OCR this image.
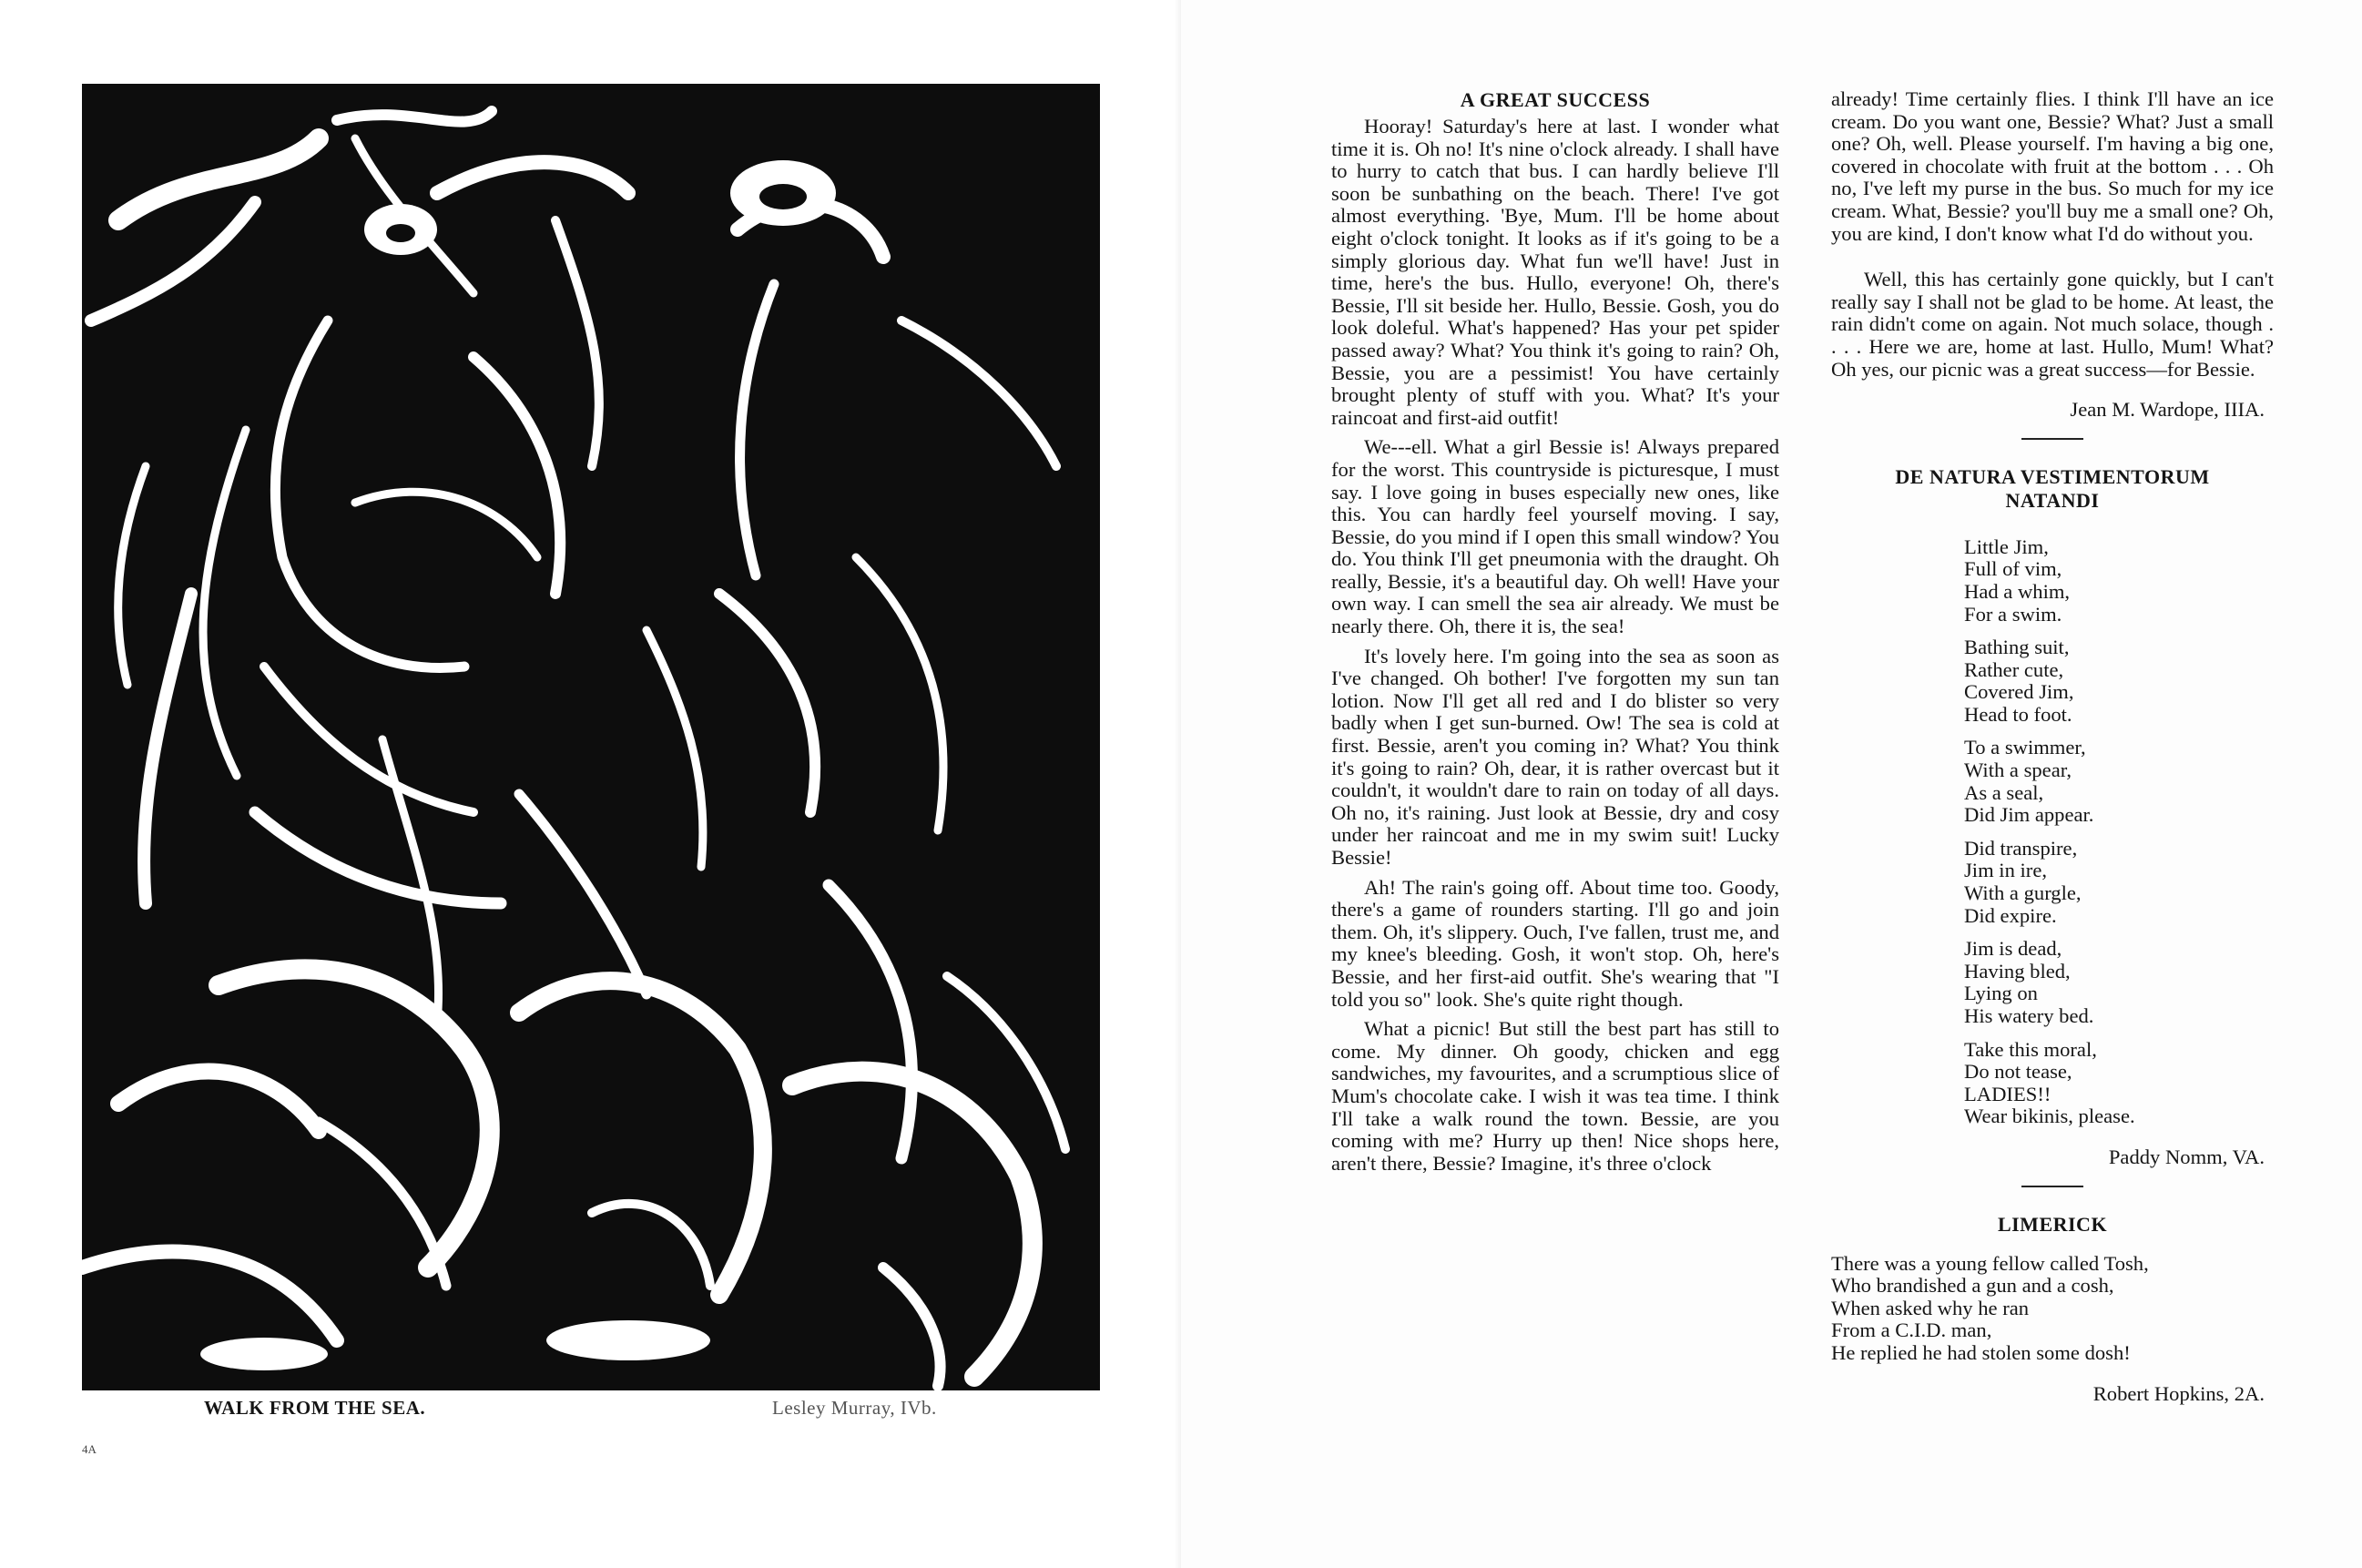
WALK FROM THE SEA.	Lesley Murray, IVb.
4A
A GREAT SUCCESS

Hooray! Saturday's here at last. I wonder what time it is. Oh no! It's nine o'clock already. I shall have to hurry to catch that bus. I can hardly believe I'll soon be sunbathing on the beach. There! I've got almost everything. 'Bye, Mum. I'll be home about eight o'clock tonight. It looks as if it's going to be a simply glorious day. What fun we'll have! Just in time, here's the bus. Hullo, everyone! Oh, there's Bessie, I'll sit beside her. Hullo, Bessie. Gosh, you do look doleful. What's happened? Has your pet spider passed away? What? You think it's going to rain? Oh, Bessie, you are a pessimist! You have certainly brought plenty of stuff with you. What? It's your raincoat and first-aid outfit!

We---ell. What a girl Bessie is! Always prepared for the worst. This countryside is picturesque, I must say. I love going in buses especially new ones, like this. You can hardly feel yourself moving. I say, Bessie, do you mind if I open this small window? You do. You think I'll get pneumonia with the draught. Oh really, Bessie, it's a beautiful day. Oh well! Have your own way. I can smell the sea air already. We must be nearly there. Oh, there it is, the sea!

It's lovely here. I'm going into the sea as soon as I've changed. Oh bother! I've forgotten my sun tan lotion. Now I'll get all red and I do blister so very badly when I get sun-burned. Ow! The sea is cold at first. Bessie, aren't you coming in? What? You think it's going to rain? Oh, dear, it is rather overcast but it couldn't, it wouldn't dare to rain on today of all days. Oh no, it's raining. Just look at Bessie, dry and cosy under her raincoat and me in my swim suit! Lucky Bessie!

Ah! The rain's going off. About time too. Goody, there's a game of rounders starting. I'll go and join them. Oh, it's slippery. Ouch, I've fallen, trust me, and my knee's bleeding. Gosh, it won't stop. Oh, here's Bessie, and her first-aid outfit. She's wearing that "I told you so" look. She's quite right though.

What a picnic! But still the best part has still to come. My dinner. Oh goody, chicken and egg sandwiches, my favourites, and a scrumptious slice of Mum's chocolate cake. I wish it was tea time. I think I'll take a walk round the town. Bessie, are you coming with me? Hurry up then! Nice shops here, aren't there, Bessie? Imagine, it's three o'clock

already! Time certainly flies. I think I'll have an ice cream. Do you want one, Bessie? What? Just a small one? Oh, well. Please yourself. I'm having a big one, covered in chocolate with fruit at the bottom . . . Oh no, I've left my purse in the bus. So much for my ice cream. What, Bessie? you'll buy me a small one? Oh, you are kind, I don't know what I'd do without you.

Well, this has certainly gone quickly, but I can't really say I shall not be glad to be home. At least, the rain didn't come on again. Not much solace, though . . . . Here we are, home at last. Hullo, Mum! What? Oh yes, our picnic was a great success—for Bessie.

Jean M. Wardope, IIIA.
DE NATURA VESTIMENTORUM
NATANDI
Little Jim,
Full of vim,
Had a whim,
For a swim.
Bathing suit,
Rather cute,
Covered Jim,
Head to foot.
To a swimmer,
With a spear,
As a seal,
Did Jim appear.
Did transpire,
Jim in ire,
With a gurgle,
Did expire.
Jim is dead,
Having bled,
Lying on
His watery bed.
Take this moral,
Do not tease,
LADIES!!
Wear bikinis, please.
Paddy Nomm, VA.
LIMERICK
There was a young fellow called Tosh,
Who brandished a gun and a cosh,
When asked why he ran
From a C.I.D. man,
He replied he had stolen some dosh!
Robert Hopkins, 2A.
